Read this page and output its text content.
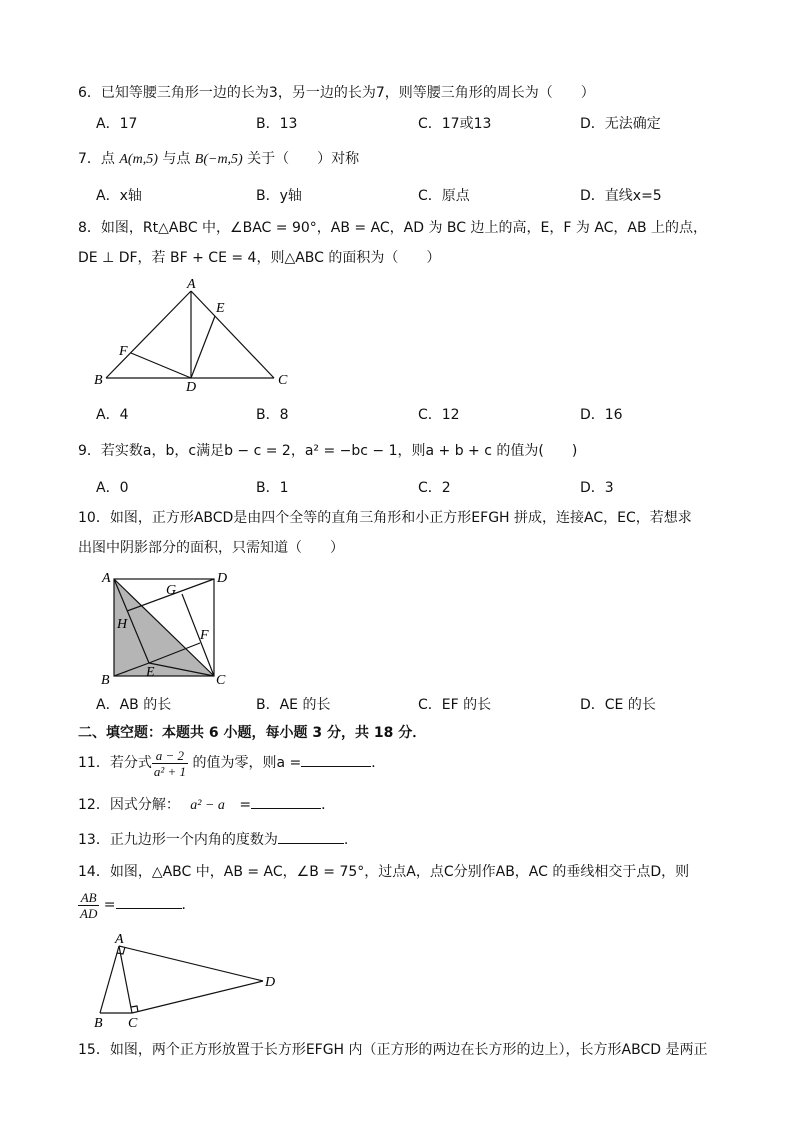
6．已知等腰三角形一边的长为3，另一边的长为7，则等腰三角形的周长为（　　）
A．17	B．13	C．17或13	D．无法确定
7．点 A(m,5) 与点 B(−m,5) 关于（　　）对称
A．x轴	B．y轴	C．原点	D．直线x=5
8．如图，Rt△ABC 中，∠BAC = 90°，AB = AC，AD 为 BC 边上的高，E，F 为 AC，AB 上的点，
DE ⊥ DF，若 BF + CE = 4，则△ABC 的面积为（　　）
A
E
F
B	D	C
A．4	B．8	C．12	D．16
9．若实数a，b，c满足b − c = 2，a² = −bc − 1，则a + b + c 的值为(　　)
A．0	B．1	C．2	D．3
10．如图，正方形ABCD是由四个全等的直角三角形和小正方形EFGH 拼成，连接AC，EC，若想求
出图中阴影部分的面积，只需知道（　　）
A	D
G
H
F
E
B	C
A．AB 的长	B．AE 的长	C．EF 的长	D．CE 的长
二、填空题：本题共 6 小题，每小题 3 分，共 18 分．
11．若分式 $\frac{a - 2}{\text{a² + 1}}$ 的值为零，则a =	．
12．因式分解： a² − a =	．
13．正九边形一个内角的度数为	.
14．如图，△ABC 中，AB = AC，∠B = 75°，过点A，点C分别作AB，AC 的垂线相交于点D，则
$\frac{AB}{AD}$ =	．
A
D
B C
15．如图，两个正方形放置于长方形EFGH 内（正方形的两边在长方形的边上），长方形ABCD 是两正
